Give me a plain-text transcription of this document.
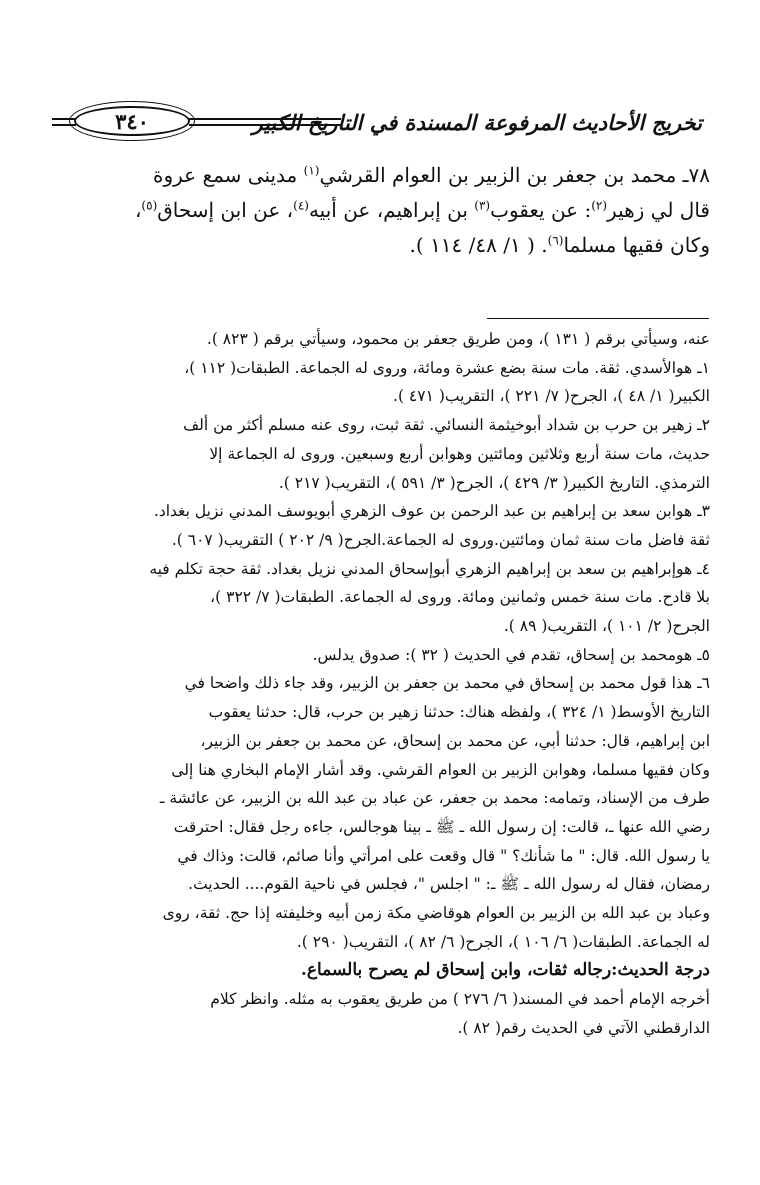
٣٤٠	تخريج الأحاديث المرفوعة المسندة في التاريخ الكبير

٧٨ـ محمد بن جعفر بن الزبير بن العوام القرشي$^{(١)}$ مدينى سمع عروة

قال لي زهير$^{(٢)}$: عن يعقوب$^{(٣)}$ بن إبراهيم، عن أبيه$^{(٤)}$، عن ابن إسحاق$^{(٥)}$،

وكان فقيها مسلما$^{(٦)}$. ( ١/ ٤٨/ ١١٤ ).

عنه، وسيأتي برقم ( ١٣١ )، ومن طريق جعفر بن محمود، وسيأتي برقم ( ٨٢٣ ).

١ـ هوالأسدي. ثقة. مات سنة بضع عشرة ومائة، وروى له الجماعة. الطبقات( ١١٢ )،

الكبير( ١/ ٤٨ )، الجرح( ٧/ ٢٢١ )، التقريب( ٤٧١ ).

٢ـ زهير بن حرب بن شداد أبوخيثمة النسائي. ثقة ثبت، روى عنه مسلم أكثر من ألف

حديث، مات سنة أربع وثلاثين ومائتين وهوابن أربع وسبعين. وروى له الجماعة إلا

الترمذي. التاريخ الكبير( ٣/ ٤٢٩ )، الجرح( ٣/ ٥٩١ )، التقريب( ٢١٧ ).

٣ـ هوابن سعد بن إبراهيم بن عبد الرحمن بن عوف الزهري أبويوسف المدني نزيل بغداد.

ثقة فاضل مات سنة ثمان ومائتين.وروى له الجماعة.الجرح( ٩/ ٢٠٢ ) التقريب( ٦٠٧ ).

٤ـ هوإبراهيم بن سعد بن إبراهيم الزهري أبوإسحاق المدني نزيل بغداد. ثقة حجة تكلم فيه

بلا قادح. مات سنة خمس وثمانين ومائة. وروى له الجماعة. الطبقات( ٧/ ٣٢٢ )،

الجرح( ٢/ ١٠١ )، التقريب( ٨٩ ).

٥ـ هومحمد بن إسحاق، تقدم في الحديث ( ٣٢ ): صدوق يدلس.

٦ـ هذا قول محمد بن إسحاق في محمد بن جعفر بن الزبير، وقد جاء ذلك واضحا في

التاريخ الأوسط( ١/ ٣٢٤ )، ولفظه هناك: حدثنا زهير بن حرب، قال: حدثنا يعقوب

ابن إبراهيم، قال: حدثنا أبي، عن محمد بن إسحاق، عن محمد بن جعفر بن الزبير،

وكان فقيها مسلما، وهوابن الزبير بن العوام القرشي. وقد أشار الإمام البخاري هنا إلى

طرف من الإسناد، وتمامه: محمد بن جعفر، عن عباد بن عبد الله بن الزبير، عن عائشة ـ

رضي الله عنها ـ، قالت: إن رسول الله ـ ﷺ ـ بينا هوجالس، جاءه رجل فقال: احترقت

يا رسول الله. قال: " ما شأنك؟ " قال وقعت على امرأتي وأنا صائم، قالت: وذاك في

رمضان، فقال له رسول الله ـ ﷺ ـ: " اجلس "، فجلس في ناحية القوم.... الحديث.

وعباد بن عبد الله بن الزبير بن العوام هوقاضي مكة زمن أبيه وخليفته إذا حج. ثقة، روى

له الجماعة. الطبقات( ٦/ ١٠٦ )، الجرح( ٦/ ٨٢ )، التقريب( ٢٩٠ ).

درجة الحديث:رجاله ثقات، وابن إسحاق لم يصرح بالسماع.

أخرجه الإمام أحمد في المسند( ٦/ ٢٧٦ ) من طريق يعقوب به مثله. وانظر كلام

الدارقطني الآتي في الحديث رقم( ٨٢ ).
